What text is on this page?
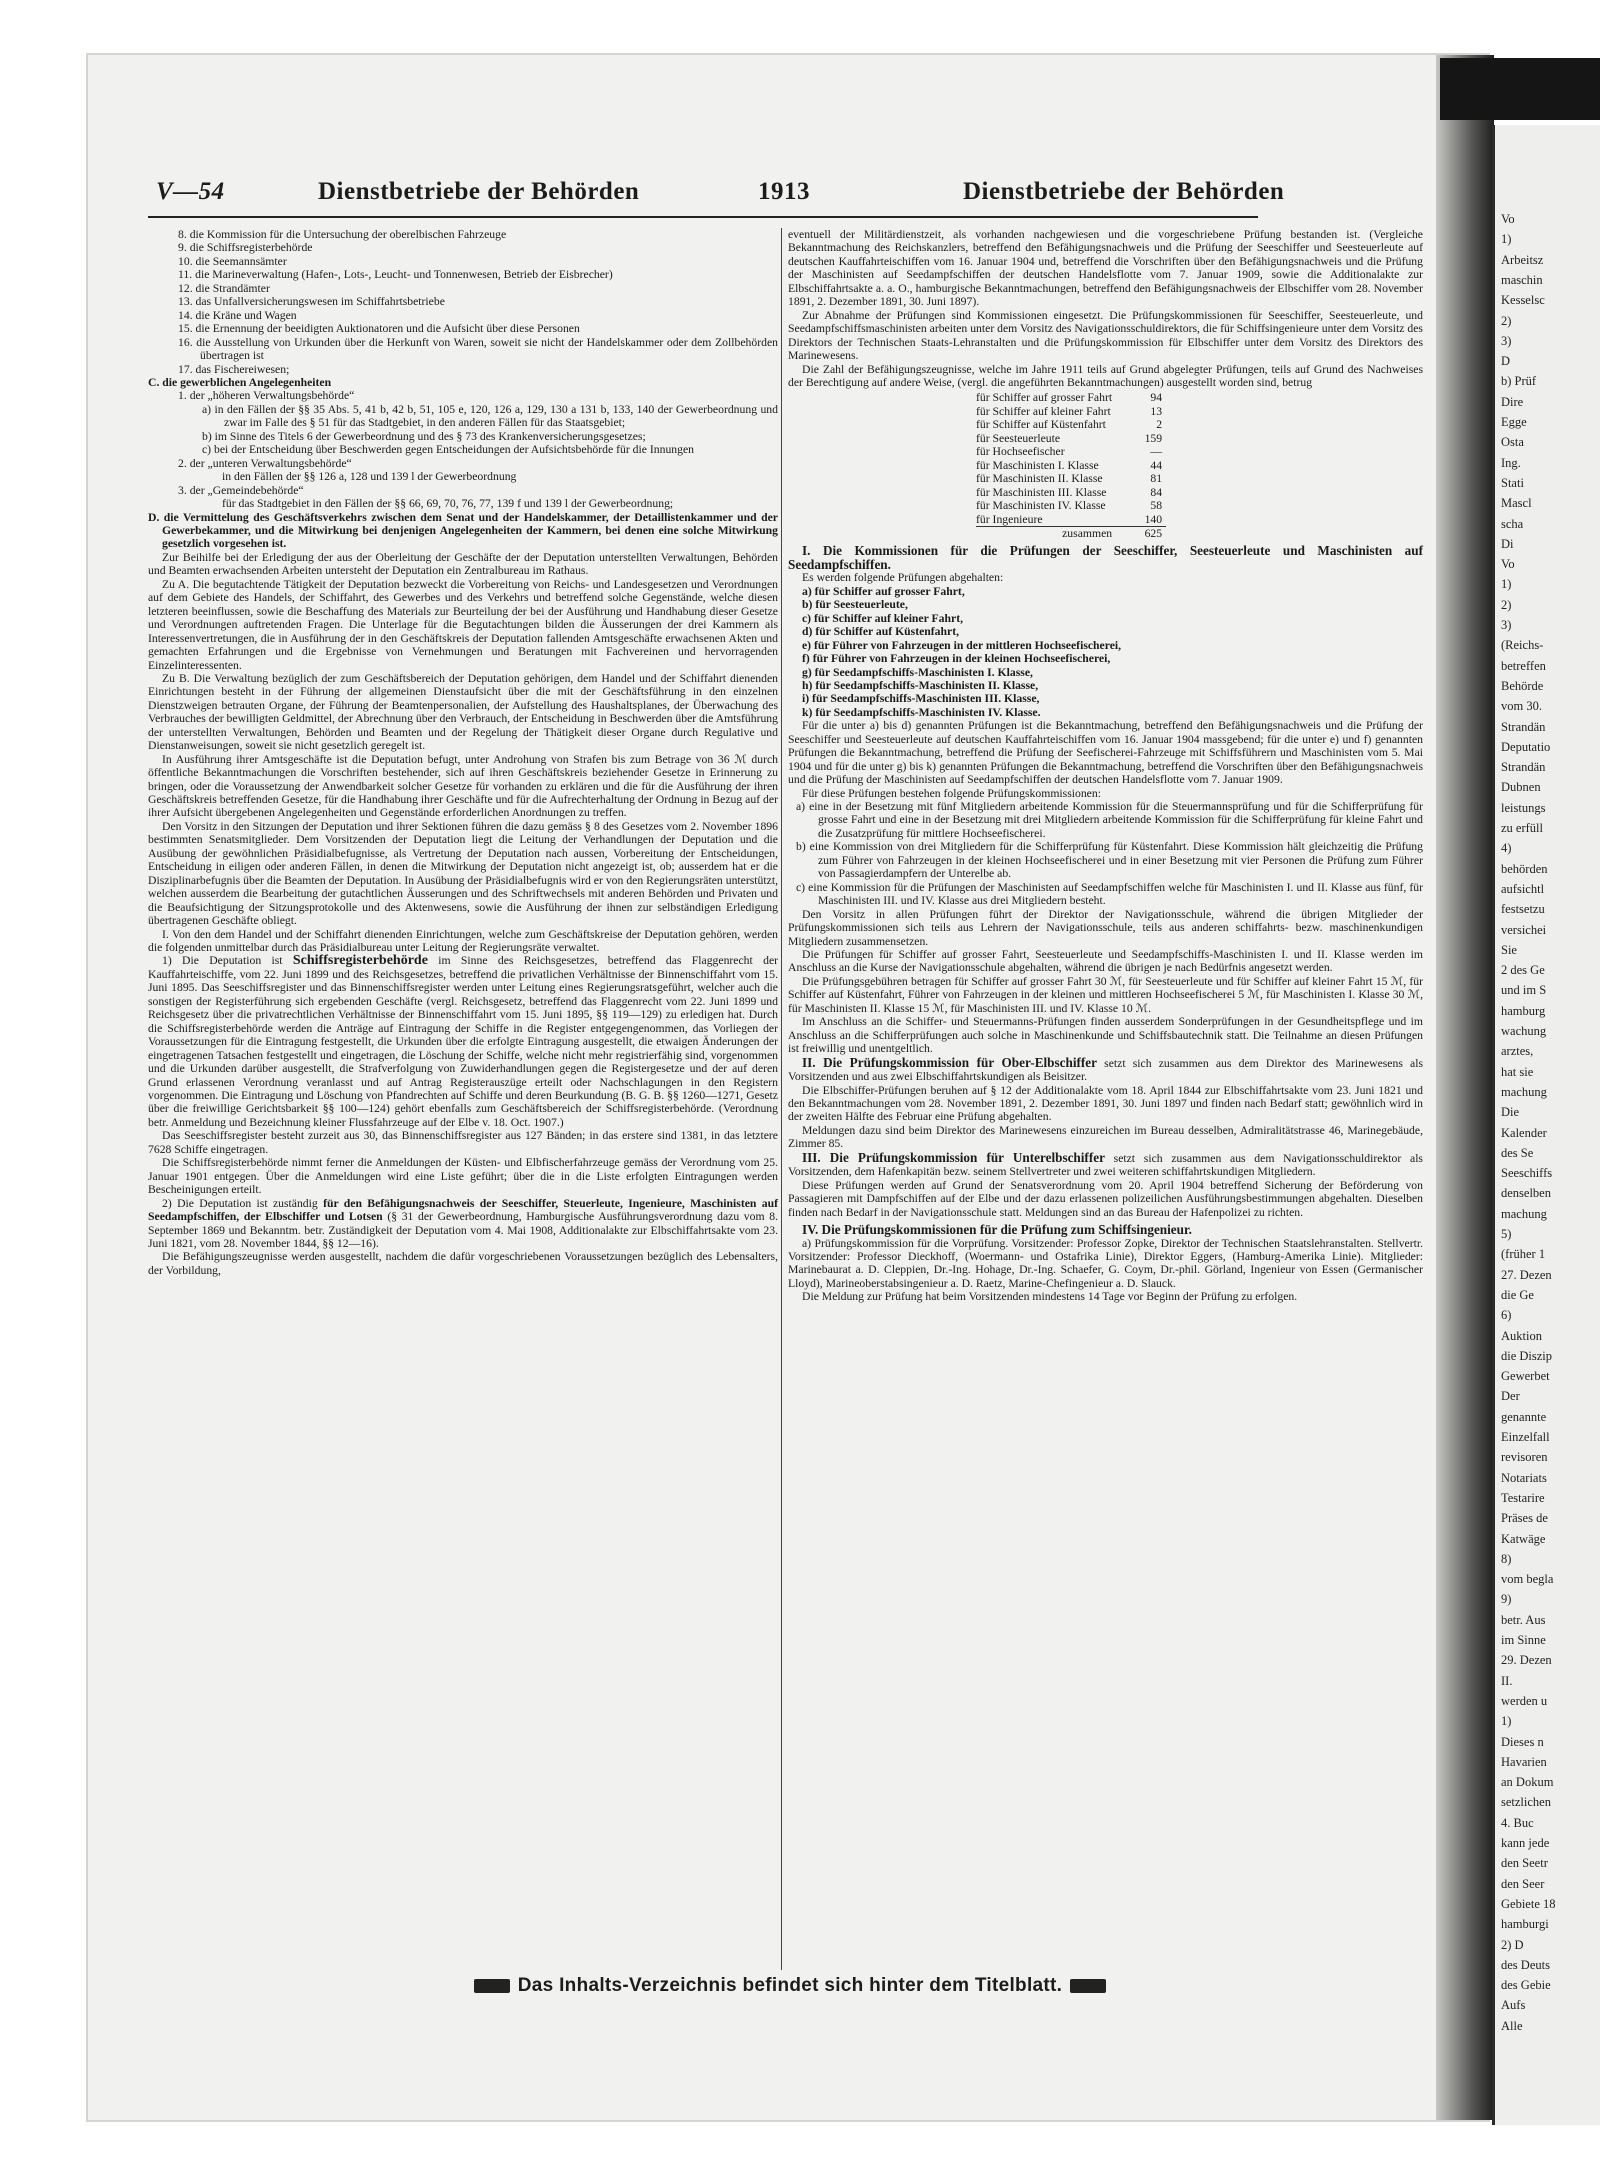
Vo
1)
Arbeitsz
maschin
Kesselsc
2)
3)
D
b) Prüf
Dire
Egge
Osta
Ing.
Stati
Mascl
scha
Di
Vo
1)
2)
3)
(Reichs-
betreffen
Behörde
vom 30.
Strandän
Deputatio
Strandän
Dubnen
leistungs
zu erfüll
4)
behörden
aufsichtl
festsetzu
versichei
Sie
2 des Ge
und im S
hamburg
wachung
arztes,
hat sie
machung
Die
Kalender
des Se
Seeschiffs
denselben
machung
5)
(früher 1
27. Dezen
die Ge
6)
Auktion
die Diszip
Gewerbet
Der
genannte
Einzelfall
revisoren
Notariats
Testarire
Präses de
Katwäge
8)
vom begla
9)
betr. Aus
im Sinne
29. Dezen
II.
werden u
1)
Dieses n
Havarien
an Dokum
setzlichen
4. Buc
kann jede
den Seetr
den Seer
Gebiete 18
hamburgi
2) D
des Deuts
des Gebie
Aufs
Alle
V—54	Dienstbetriebe der Behörden	1913	Dienstbetriebe der Behörden
8. die Kommission für die Untersuchung der oberelbischen Fahrzeuge
9. die Schiffsregisterbehörde
10. die Seemannsämter
11. die Marineverwaltung (Hafen-, Lots-, Leucht- und Tonnenwesen, Betrieb der Eisbrecher)
12. die Strandämter
13. das Unfallversicherungswesen im Schiffahrtsbetriebe
14. die Kräne und Wagen
15. die Ernennung der beeidigten Auktionatoren und die Aufsicht über diese Personen
16. die Ausstellung von Urkunden über die Herkunft von Waren, soweit sie nicht der Handelskammer oder dem Zollbehörden übertragen ist
17. das Fischereiwesen;
C. die gewerblichen Angelegenheiten
1. der „höheren Verwaltungsbehörde“
a) in den Fällen der §§ 35 Abs. 5, 41 b, 42 b, 51, 105 e, 120, 126 a, 129, 130 a 131 b, 133, 140 der Gewerbeordnung und zwar im Falle des § 51 für das Stadtgebiet, in den anderen Fällen für das Staatsgebiet;
b) im Sinne des Titels 6 der Gewerbeordnung und des § 73 des Krankenversicherungsgesetzes;
c) bei der Entscheidung über Beschwerden gegen Entscheidungen der Aufsichtsbehörde für die Innungen
2. der „unteren Verwaltungsbehörde“
in den Fällen der §§ 126 a, 128 und 139 l der Gewerbeordnung
3. der „Gemeindebehörde“
für das Stadtgebiet in den Fällen der §§ 66, 69, 70, 76, 77, 139 f und 139 l der Gewerbeordnung;
D. die Vermittelung des Geschäftsverkehrs zwischen dem Senat und der Handelskammer, der Detaillistenkammer und der Gewerbekammer, und die Mitwirkung bei denjenigen Angelegenheiten der Kammern, bei denen eine solche Mitwirkung gesetzlich vorgesehen ist.

Zur Beihilfe bei der Erledigung der aus der Oberleitung der Geschäfte der der Deputation unterstellten Verwaltungen, Behörden und Beamten erwachsenden Arbeiten untersteht der Deputation ein Zentralbureau im Rathaus.

Zu A. Die begutachtende Tätigkeit der Deputation bezweckt die Vorbereitung von Reichs- und Landesgesetzen und Verordnungen auf dem Gebiete des Handels, der Schiffahrt, des Gewerbes und des Verkehrs und betreffend solche Gegenstände, welche diesen letzteren beeinflussen, sowie die Beschaffung des Materials zur Beurteilung der bei der Ausführung und Handhabung dieser Gesetze und Verordnungen auftretenden Fragen. Die Unterlage für die Begutachtungen bilden die Äusserungen der drei Kammern als Interessenvertretungen, die in Ausführung der in den Geschäftskreis der Deputation fallenden Amtsgeschäfte erwachsenen Akten und gemachten Erfahrungen und die Ergebnisse von Vernehmungen und Beratungen mit Fachvereinen und hervorragenden Einzelinteressenten.

Zu B. Die Verwaltung bezüglich der zum Geschäftsbereich der Deputation gehörigen, dem Handel und der Schiffahrt dienenden Einrichtungen besteht in der Führung der allgemeinen Dienstaufsicht über die mit der Geschäftsführung in den einzelnen Dienstzweigen betrauten Organe, der Führung der Beamtenpersonalien, der Aufstellung des Haushaltsplanes, der Überwachung des Verbrauches der bewilligten Geldmittel, der Abrechnung über den Verbrauch, der Entscheidung in Beschwerden über die Amtsführung der unterstellten Verwaltungen, Behörden und Beamten und der Regelung der Thätigkeit dieser Organe durch Regulative und Dienstanweisungen, soweit sie nicht gesetzlich geregelt ist.

In Ausführung ihrer Amtsgeschäfte ist die Deputation befugt, unter Androhung von Strafen bis zum Betrage von 36 ℳ durch öffentliche Bekanntmachungen die Vorschriften bestehender, sich auf ihren Geschäftskreis beziehender Gesetze in Erinnerung zu bringen, oder die Voraussetzung der Anwendbarkeit solcher Gesetze für vorhanden zu erklären und die für die Ausführung der ihren Geschäftskreis betreffenden Gesetze, für die Handhabung ihrer Geschäfte und für die Aufrechterhaltung der Ordnung in Bezug auf der ihrer Aufsicht übergebenen Angelegenheiten und Gegenstände erforderlichen Anordnungen zu treffen.

Den Vorsitz in den Sitzungen der Deputation und ihrer Sektionen führen die dazu gemäss § 8 des Gesetzes vom 2. November 1896 bestimmten Senatsmitglieder. Dem Vorsitzenden der Deputation liegt die Leitung der Verhandlungen der Deputation und die Ausübung der gewöhnlichen Präsidialbefugnisse, als Vertretung der Deputation nach aussen, Vorbereitung der Entscheidungen, Entscheidung in eiligen oder anderen Fällen, in denen die Mitwirkung der Deputation nicht angezeigt ist, ob; ausserdem hat er die Disziplinarbefugnis über die Beamten der Deputation. In Ausübung der Präsidialbefugnis wird er von den Regierungsräten unterstützt, welchen ausserdem die Bearbeitung der gutachtlichen Äusserungen und des Schriftwechsels mit anderen Behörden und Privaten und die Beaufsichtigung der Sitzungsprotokolle und des Aktenwesens, sowie die Ausführung der ihnen zur selbständigen Erledigung übertragenen Geschäfte obliegt.

I. Von den dem Handel und der Schiffahrt dienenden Einrichtungen, welche zum Geschäftskreise der Deputation gehören, werden die folgenden unmittelbar durch das Präsidialbureau unter Leitung der Regierungsräte verwaltet.

1) Die Deputation ist Schiffsregisterbehörde im Sinne des Reichsgesetzes, betreffend das Flaggenrecht der Kauffahrteischiffe, vom 22. Juni 1899 und des Reichsgesetzes, betreffend die privatlichen Verhältnisse der Binnenschiffahrt vom 15. Juni 1895. Das Seeschiffsregister und das Binnenschiffsregister werden unter Leitung eines Regierungsratsgeführt, welcher auch die sonstigen der Registerführung sich ergebenden Geschäfte (vergl. Reichsgesetz, betreffend das Flaggenrecht vom 22. Juni 1899 und Reichsgesetz über die privatrechtlichen Verhältnisse der Binnenschiffahrt vom 15. Juni 1895, §§ 119—129) zu erledigen hat. Durch die Schiffsregisterbehörde werden die Anträge auf Eintragung der Schiffe in die Register entgegengenommen, das Vorliegen der Voraussetzungen für die Eintragung festgestellt, die Urkunden über die erfolgte Eintragung ausgestellt, die etwaigen Änderungen der eingetragenen Tatsachen festgestellt und eingetragen, die Löschung der Schiffe, welche nicht mehr registrierfähig sind, vorgenommen und die Urkunden darüber ausgestellt, die Strafverfolgung von Zuwiderhandlungen gegen die Registergesetze und der auf deren Grund erlassenen Verordnung veranlasst und auf Antrag Registerauszüge erteilt oder Nachschlagungen in den Registern vorgenommen. Die Eintragung und Löschung von Pfandrechten auf Schiffe und deren Beurkundung (B. G. B. §§ 1260—1271, Gesetz über die freiwillige Gerichtsbarkeit §§ 100—124) gehört ebenfalls zum Geschäftsbereich der Schiffsregisterbehörde. (Verordnung betr. Anmeldung und Bezeichnung kleiner Flussfahrzeuge auf der Elbe v. 18. Oct. 1907.)

Das Seeschiffsregister besteht zurzeit aus 30, das Binnenschiffsregister aus 127 Bänden; in das erstere sind 1381, in das letztere 7628 Schiffe eingetragen.

Die Schiffsregisterbehörde nimmt ferner die Anmeldungen der Küsten- und Elbfischerfahrzeuge gemäss der Verordnung vom 25. Januar 1901 entgegen. Über die Anmeldungen wird eine Liste geführt; über die in die Liste erfolgten Eintragungen werden Bescheinigungen erteilt.

2) Die Deputation ist zuständig für den Befähigungsnachweis der Seeschiffer, Steuerleute, Ingenieure, Maschinisten auf Seedampfschiffen, der Elbschiffer und Lotsen (§ 31 der Gewerbeordnung, Hamburgische Ausführungsverordnung dazu vom 8. September 1869 und Bekanntm. betr. Zuständigkeit der Deputation vom 4. Mai 1908, Additionalakte zur Elbschiffahrtsakte vom 23. Juni 1821, vom 28. November 1844, §§ 12—16).

Die Befähigungszeugnisse werden ausgestellt, nachdem die dafür vorgeschriebenen Voraussetzungen bezüglich des Lebensalters, der Vorbildung,

eventuell der Militärdienstzeit, als vorhanden nachgewiesen und die vorgeschriebene Prüfung bestanden ist. (Vergleiche Bekanntmachung des Reichskanzlers, betreffend den Befähigungsnachweis und die Prüfung der Seeschiffer und Seesteuerleute auf deutschen Kauffahrteischiffen vom 16. Januar 1904 und, betreffend die Vorschriften über den Befähigungsnachweis und die Prüfung der Maschinisten auf Seedampfschiffen der deutschen Handelsflotte vom 7. Januar 1909, sowie die Additionalakte zur Elbschiffahrtsakte a. a. O., hamburgische Bekanntmachungen, betreffend den Befähigungsnachweis der Elbschiffer vom 28. November 1891, 2. Dezember 1891, 30. Juni 1897).

Zur Abnahme der Prüfungen sind Kommissionen eingesetzt. Die Prüfungskommissionen für Seeschiffer, Seesteuerleute, und Seedampfschiffsmaschinisten arbeiten unter dem Vorsitz des Navigationsschuldirektors, die für Schiffsingenieure unter dem Vorsitz des Direktors der Technischen Staats-Lehranstalten und die Prüfungskommission für Elbschiffer unter dem Vorsitz des Direktors des Marinewesens.

Die Zahl der Befähigungszeugnisse, welche im Jahre 1911 teils auf Grund abgelegter Prüfungen, teils auf Grund des Nachweises der Berechtigung auf andere Weise, (vergl. die angeführten Bekanntmachungen) ausgestellt worden sind, betrug

für Schiffer auf grosser Fahrt	94
für Schiffer auf kleiner Fahrt	13
für Schiffer auf Küstenfahrt	2
für Seesteuerleute	159
für Hochseefischer	—
für Maschinisten I. Klasse	44
für Maschinisten II. Klasse	81
für Maschinisten III. Klasse	84
für Maschinisten IV. Klasse	58
für Ingenieure	140
zusammen	625
I. Die Kommissionen für die Prüfungen der Seeschiffer, Seesteuerleute und Maschinisten auf Seedampfschiffen.

Es werden folgende Prüfungen abgehalten:

a) für Schiffer auf grosser Fahrt,
b) für Seesteuerleute,
c) für Schiffer auf kleiner Fahrt,
d) für Schiffer auf Küstenfahrt,
e) für Führer von Fahrzeugen in der mittleren Hochseefischerei,
f) für Führer von Fahrzeugen in der kleinen Hochseefischerei,
g) für Seedampfschiffs-Maschinisten I. Klasse,
h) für Seedampfschiffs-Maschinisten II. Klasse,
i) für Seedampfschiffs-Maschinisten III. Klasse,
k) für Seedampfschiffs-Maschinisten IV. Klasse.

Für die unter a) bis d) genannten Prüfungen ist die Bekanntmachung, betreffend den Befähigungsnachweis und die Prüfung der Seeschiffer und Seesteuerleute auf deutschen Kauffahrteischiffen vom 16. Januar 1904 massgebend; für die unter e) und f) genannten Prüfungen die Bekanntmachung, betreffend die Prüfung der Seefischerei-Fahrzeuge mit Schiffsführern und Maschinisten vom 5. Mai 1904 und für die unter g) bis k) genannten Prüfungen die Bekanntmachung, betreffend die Vorschriften über den Befähigungsnachweis und die Prüfung der Maschinisten auf Seedampfschiffen der deutschen Handelsflotte vom 7. Januar 1909.

Für diese Prüfungen bestehen folgende Prüfungskommissionen:

a) eine in der Besetzung mit fünf Mitgliedern arbeitende Kommission für die Steuermannsprüfung und für die Schifferprüfung für grosse Fahrt und eine in der Besetzung mit drei Mitgliedern arbeitende Kommission für die Schifferprüfung für kleine Fahrt und die Zusatzprüfung für mittlere Hochseefischerei.
b) eine Kommission von drei Mitgliedern für die Schifferprüfung für Küstenfahrt. Diese Kommission hält gleichzeitig die Prüfung zum Führer von Fahrzeugen in der kleinen Hochseefischerei und in einer Besetzung mit vier Personen die Prüfung zum Führer von Passagierdampfern der Unterelbe ab.
c) eine Kommission für die Prüfungen der Maschinisten auf Seedampfschiffen welche für Maschinisten I. und II. Klasse aus fünf, für Maschinisten III. und IV. Klasse aus drei Mitgliedern besteht.

Den Vorsitz in allen Prüfungen führt der Direktor der Navigationsschule, während die übrigen Mitglieder der Prüfungskommissionen sich teils aus Lehrern der Navigationsschule, teils aus anderen schiffahrts- bezw. maschinenkundigen Mitgliedern zusammensetzen.

Die Prüfungen für Schiffer auf grosser Fahrt, Seesteuerleute und Seedampfschiffs-Maschinisten I. und II. Klasse werden im Anschluss an die Kurse der Navigationsschule abgehalten, während die übrigen je nach Bedürfnis angesetzt werden.

Die Prüfungsgebühren betragen für Schiffer auf grosser Fahrt 30 ℳ, für Seesteuerleute und für Schiffer auf kleiner Fahrt 15 ℳ, für Schiffer auf Küstenfahrt, Führer von Fahrzeugen in der kleinen und mittleren Hochseefischerei 5 ℳ, für Maschinisten I. Klasse 30 ℳ, für Maschinisten II. Klasse 15 ℳ, für Maschinisten III. und IV. Klasse 10 ℳ.

Im Anschluss an die Schiffer- und Steuermanns-Prüfungen finden ausserdem Sonderprüfungen in der Gesundheitspflege und im Anschluss an die Schifferprüfungen auch solche in Maschinenkunde und Schiffsbautechnik statt. Die Teilnahme an diesen Prüfungen ist freiwillig und unentgeltlich.

II. Die Prüfungskommission für Ober-Elbschiffer setzt sich zusammen aus dem Direktor des Marinewesens als Vorsitzenden und aus zwei Elbschiffahrtskundigen als Beisitzer.

Die Elbschiffer-Prüfungen beruhen auf § 12 der Additionalakte vom 18. April 1844 zur Elbschiffahrtsakte vom 23. Juni 1821 und den Bekanntmachungen vom 28. November 1891, 2. Dezember 1891, 30. Juni 1897 und finden nach Bedarf statt; gewöhnlich wird in der zweiten Hälfte des Februar eine Prüfung abgehalten.

Meldungen dazu sind beim Direktor des Marinewesens einzureichen im Bureau desselben, Admiralitätstrasse 46, Marinegebäude, Zimmer 85.

III. Die Prüfungskommission für Unterelbschiffer setzt sich zusammen aus dem Navigationsschuldirektor als Vorsitzenden, dem Hafenkapitän bezw. seinem Stellvertreter und zwei weiteren schiffahrtskundigen Mitgliedern.

Diese Prüfungen werden auf Grund der Senatsverordnung vom 20. April 1904 betreffend Sicherung der Beförderung von Passagieren mit Dampfschiffen auf der Elbe und der dazu erlassenen polizeilichen Ausführungsbestimmungen abgehalten. Dieselben finden nach Bedarf in der Navigationsschule statt. Meldungen sind an das Bureau der Hafenpolizei zu richten.

IV. Die Prüfungskommissionen für die Prüfung zum Schiffsingenieur.

a) Prüfungskommission für die Vorprüfung. Vorsitzender: Professor Zopke, Direktor der Technischen Staatslehranstalten. Stellvertr. Vorsitzender: Professor Dieckhoff, (Woermann- und Ostafrika Linie), Direktor Eggers, (Hamburg-Amerika Linie). Mitglieder: Marinebaurat a. D. Cleppien, Dr.-Ing. Hohage, Dr.-Ing. Schaefer, G. Coym, Dr.-phil. Görland, Ingenieur von Essen (Germanischer Lloyd), Marineoberstabsingenieur a. D. Raetz, Marine-Chefingenieur a. D. Slauck.

Die Meldung zur Prüfung hat beim Vorsitzenden mindestens 14 Tage vor Beginn der Prüfung zu erfolgen.

Das Inhalts-Verzeichnis befindet sich hinter dem Titelblatt.
